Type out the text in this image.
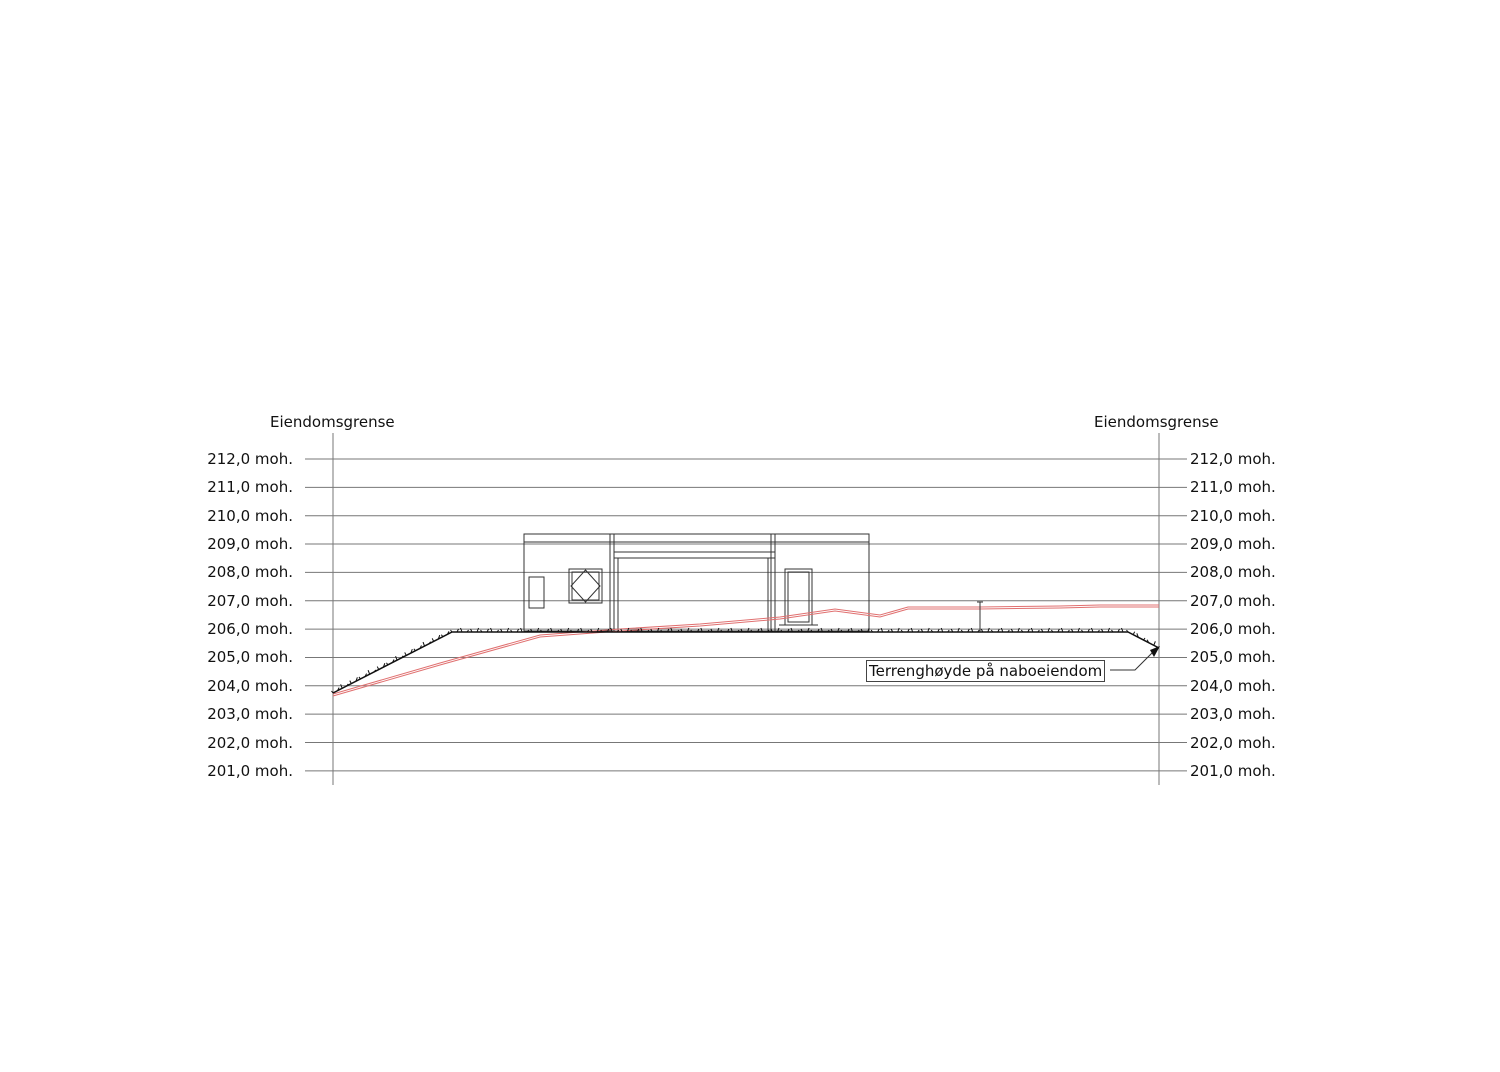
Eiendomsgrense	Eiendomsgrense
212,0 moh.	212,0 moh.
211,0 moh.	211,0 moh.
210,0 moh.	210,0 moh.
209,0 moh.	209,0 moh.
208,0 moh.	208,0 moh.
207,0 moh.	207,0 moh.
206,0 moh.	206,0 moh.
205,0 moh.	205,0 moh.
204,0 moh.	204,0 moh.
203,0 moh.	203,0 moh.
202,0 moh.	202,0 moh.
201,0 moh.	201,0 moh.
Terrenghøyde på naboeiendom
